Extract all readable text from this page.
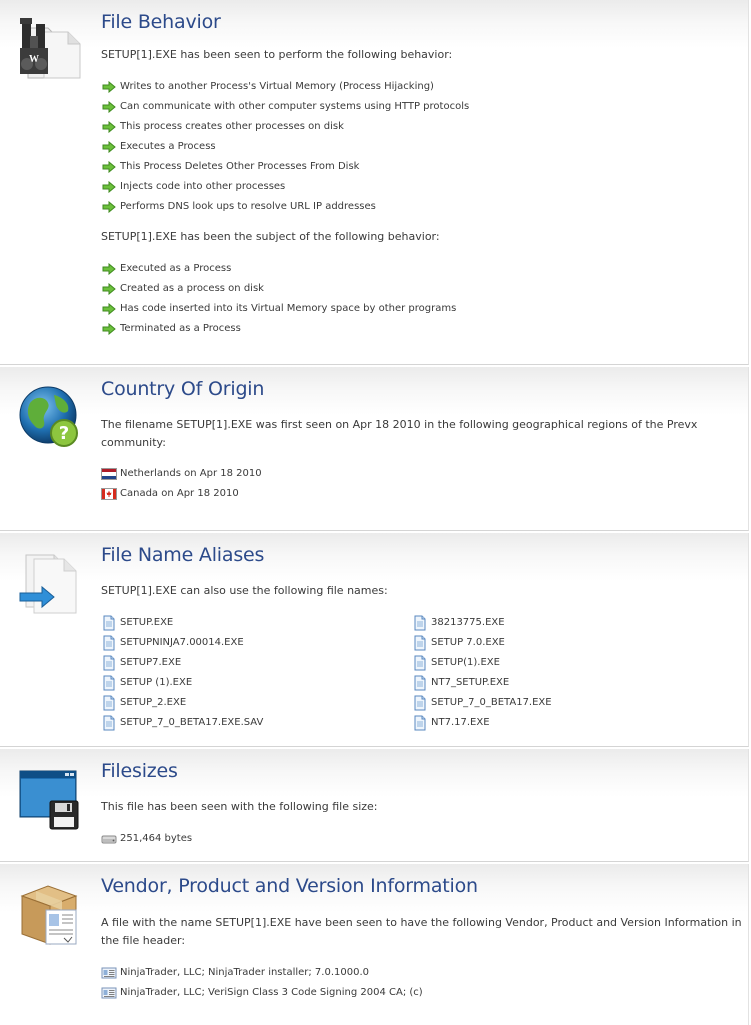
W
File Behavior
SETUP[1].EXE has been seen to perform the following behavior:
Writes to another Process's Virtual Memory (Process Hijacking)
Can communicate with other computer systems using HTTP protocols
This process creates other processes on disk
Executes a Process
This Process Deletes Other Processes From Disk
Injects code into other processes
Performs DNS look ups to resolve URL IP addresses
SETUP[1].EXE has been the subject of the following behavior:
Executed as a Process
Created as a process on disk
Has code inserted into its Virtual Memory space by other programs
Terminated as a Process
?
Country Of Origin
The filename SETUP[1].EXE was first seen on Apr 18 2010 in the following geographical regions of the Prevx
community:
Netherlands on Apr 18 2010
Canada on Apr 18 2010
File Name Aliases
SETUP[1].EXE can also use the following file names:
SETUP.EXE
SETUPNINJA7.00014.EXE
SETUP7.EXE
SETUP (1).EXE
SETUP_2.EXE
SETUP_7_0_BETA17.EXE.SAV
38213775.EXE
SETUP 7.0.EXE
SETUP(1).EXE
NT7_SETUP.EXE
SETUP_7_0_BETA17.EXE
NT7.17.EXE
Filesizes
This file has been seen with the following file size:
251,464 bytes
Vendor, Product and Version Information
A file with the name SETUP[1].EXE have been seen to have the following Vendor, Product and Version Information in
the file header:
NinjaTrader, LLC; NinjaTrader installer; 7.0.1000.0
NinjaTrader, LLC; VeriSign Class 3 Code Signing 2004 CA; (c)
